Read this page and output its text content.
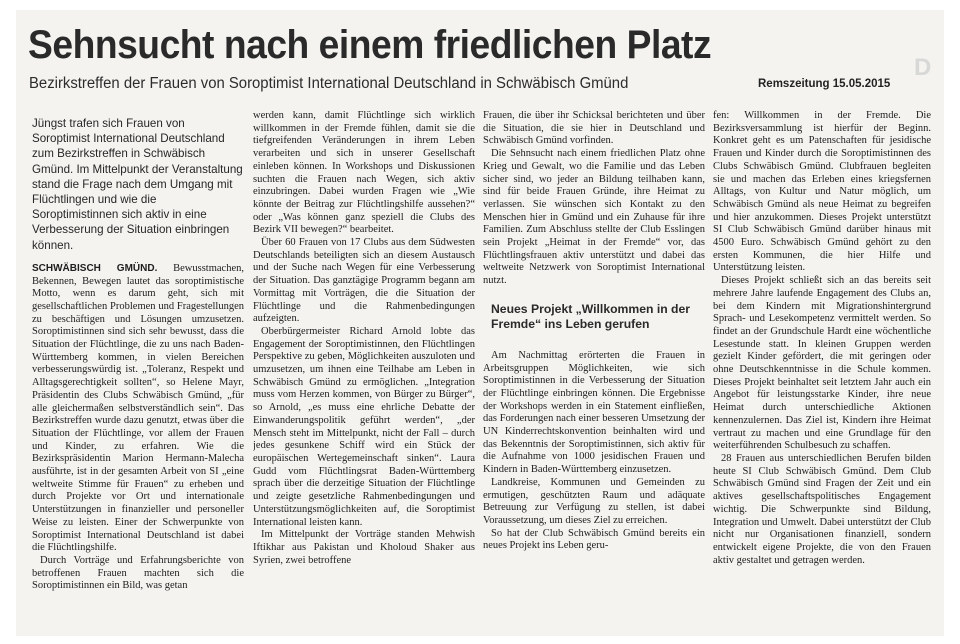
D
Sehnsucht nach einem friedlichen Platz
Bezirkstreffen der Frauen von Soroptimist International Deutschland in Schwäbisch Gmünd	Remszeitung 15.05.2015

Jüngst trafen sich Frauen von Soroptimist International Deutschland zum Bezirkstreffen in Schwäbisch Gmünd. Im Mittelpunkt der Veranstaltung stand die Frage nach dem Umgang mit Flüchtlingen und wie die Soroptimistinnen sich aktiv in eine Verbesserung der Situation einbringen können.

SCHWÄBISCH GMÜND. Bewusstmachen, Bekennen, Bewegen lautet das soroptimistische Motto, wenn es darum geht, sich mit gesellschaftlichen Problemen und Fragestellungen zu beschäftigen und Lösungen umzusetzen. Soroptimistinnen sind sich sehr bewusst, dass die Situation der Flüchtlinge, die zu uns nach Baden-Württemberg kommen, in vielen Bereichen verbesserungswürdig ist. „Toleranz, Respekt und Alltagsgerechtigkeit sollten“, so Helene Mayr, Präsidentin des Clubs Schwäbisch Gmünd, „für alle gleichermaßen selbstverständlich sein“. Das Bezirkstreffen wurde dazu genutzt, etwas über die Situation der Flüchtlinge, vor allem der Frauen und Kinder, zu erfahren. Wie die Bezirkspräsidentin Marion Hermann-Malecha ausführte, ist in der gesamten Arbeit von SI „eine weltweite Stimme für Frauen“ zu erheben und durch Projekte vor Ort und internationale Unterstützungen in finanzieller und personeller Weise zu leisten. Einer der Schwerpunkte von Soroptimist International Deutschland ist dabei die Flüchtlingshilfe.

Durch Vorträge und Erfahrungsberichte von betroffenen Frauen machten sich die Soroptimistinnen ein Bild, was getan

werden kann, damit Flüchtlinge sich wirklich willkommen in der Fremde fühlen, damit sie die tiefgreifenden Veränderungen in ihrem Leben verarbeiten und sich in unserer Gesellschaft einleben können. In Workshops und Diskussionen suchten die Frauen nach Wegen, sich aktiv einzubringen. Dabei wurden Fragen wie „Wie könnte der Beitrag zur Flüchtlingshilfe aussehen?“ oder „Was können ganz speziell die Clubs des Bezirk VII bewegen?“ bearbeitet.

Über 60 Frauen von 17 Clubs aus dem Südwesten Deutschlands beteiligten sich an diesem Austausch und der Suche nach Wegen für eine Verbesserung der Situation. Das ganztägige Programm begann am Vormittag mit Vorträgen, die die Situation der Flüchtlinge und die Rahmenbedingungen aufzeigten.

Oberbürgermeister Richard Arnold lobte das Engagement der Soroptimistinnen, den Flüchtlingen Perspektive zu geben, Möglichkeiten auszuloten und umzusetzen, um ihnen eine Teilhabe am Leben in Schwäbisch Gmünd zu ermöglichen. „Integration muss vom Herzen kommen, von Bürger zu Bürger“, so Arnold, „es muss eine ehrliche Debatte der Einwanderungspolitik geführt werden“, „der Mensch steht im Mittelpunkt, nicht der Fall – durch jedes gesunkene Schiff wird ein Stück der europäischen Wertegemeinschaft sinken“. Laura Gudd vom Flüchtlingsrat Baden-Württemberg sprach über die derzeitige Situation der Flüchtlinge und zeigte gesetzliche Rahmenbedingungen und Unterstützungsmöglichkeiten auf, die Soroptimist International leisten kann.

Im Mittelpunkt der Vorträge standen Mehwish Iftikhar aus Pakistan und Kholoud Shaker aus Syrien, zwei betroffene

Frauen, die über ihr Schicksal berichteten und über die Situation, die sie hier in Deutschland und Schwäbisch Gmünd vorfinden.

Die Sehnsucht nach einem friedlichen Platz ohne Krieg und Gewalt, wo die Familie und das Leben sicher sind, wo jeder an Bildung teilhaben kann, sind für beide Frauen Gründe, ihre Heimat zu verlassen. Sie wünschen sich Kontakt zu den Menschen hier in Gmünd und ein Zuhause für ihre Familien. Zum Abschluss stellte der Club Esslingen sein Projekt „Heimat in der Fremde“ vor, das Flüchtlingsfrauen aktiv unterstützt und dabei das weltweite Netzwerk von Soroptimist International nutzt.

Neues Projekt „Willkommen in der Fremde“ ins Leben gerufen

Am Nachmittag erörterten die Frauen in Arbeitsgruppen Möglichkeiten, wie sich Soroptimistinnen in die Verbesserung der Situation der Flüchtlinge einbringen können. Die Ergebnisse der Workshops werden in ein Statement einfließen, das Forderungen nach einer besseren Umsetzung der UN Kinderrechtskonvention beinhalten wird und das Bekenntnis der Soroptimistinnen, sich aktiv für die Aufnahme von 1000 jesidischen Frauen und Kindern in Baden-Württemberg einzusetzen.

Landkreise, Kommunen und Gemeinden zu ermutigen, geschützten Raum und adäquate Betreuung zur Verfügung zu stellen, ist dabei Voraussetzung, um dieses Ziel zu erreichen.

So hat der Club Schwäbisch Gmünd bereits ein neues Projekt ins Leben geru-

fen: Willkommen in der Fremde. Die Bezirksversammlung ist hierfür der Beginn. Konkret geht es um Patenschaften für jesidische Frauen und Kinder durch die Soroptimistinnen des Clubs Schwäbisch Gmünd. Clubfrauen begleiten sie und machen das Erleben eines kriegsfernen Alltags, von Kultur und Natur möglich, um Schwäbisch Gmünd als neue Heimat zu begreifen und hier anzukommen. Dieses Projekt unterstützt SI Club Schwäbisch Gmünd darüber hinaus mit 4500 Euro. Schwäbisch Gmünd gehört zu den ersten Kommunen, die hier Hilfe und Unterstützung leisten.

Dieses Projekt schließt sich an das bereits seit mehrere Jahre laufende Engagement des Clubs an, bei dem Kindern mit Migrationshintergrund Sprach- und Lesekompetenz vermittelt werden. So findet an der Grundschule Hardt eine wöchentliche Lesestunde statt. In kleinen Gruppen werden gezielt Kinder gefördert, die mit geringen oder ohne Deutschkenntnisse in die Schule kommen. Dieses Projekt beinhaltet seit letztem Jahr auch ein Angebot für leistungsstarke Kinder, ihre neue Heimat durch unterschiedliche Aktionen kennenzulernen. Das Ziel ist, Kindern ihre Heimat vertraut zu machen und eine Grundlage für den weiterführenden Schulbesuch zu schaffen.

28 Frauen aus unterschiedlichen Berufen bilden heute SI Club Schwäbisch Gmünd. Dem Club Schwäbisch Gmünd sind Fragen der Zeit und ein aktives gesellschaftspolitisches Engagement wichtig. Die Schwerpunkte sind Bildung, Integration und Umwelt. Dabei unterstützt der Club nicht nur Organisationen finanziell, sondern entwickelt eigene Projekte, die von den Frauen aktiv gestaltet und getragen werden.
